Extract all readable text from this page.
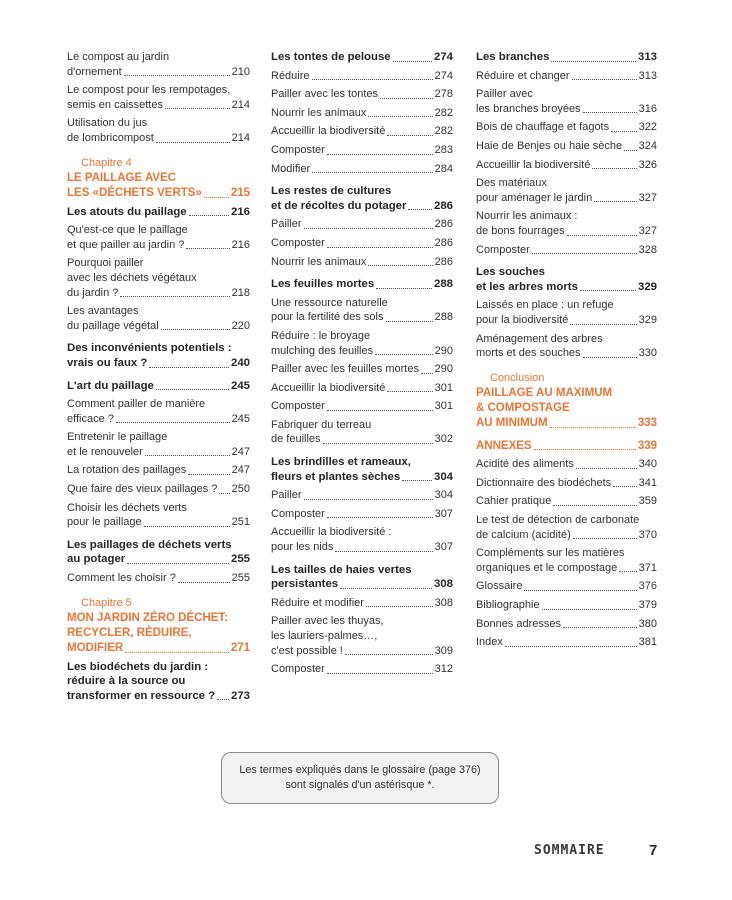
Le compost au jardin
d'ornement	210
Le compost pour les rempotages,
semis en caissettes	214
Utilisation du jus
de lombricompost	214
Chapitre 4
LE PAILLAGE AVEC
LES «DÉCHETS VERTS»	215
Les atouts du paillage	216
Qu'est-ce que le paillage
et que pailler au jardin ?	216
Pourquoi pailler
avec les déchets végétaux
du jardin ?	218
Les avantages
du paillage végétal	220
Des inconvénients potentiels :
vrais ou faux ?	240
L'art du paillage	245
Comment pailler de manière
efficace ?	245
Entretenir le paillage
et le renouveler	247
La rotation des paillages	247
Que faire des vieux paillages ? 250
Choisir les déchets verts
pour le paillage	251
Les paillages de déchets verts
au potager	255
Comment les choisir ?	255
Chapitre 5
MON JARDIN ZÉRO DÉCHET:
RECYCLER, RÉDUIRE,
MODIFIER	271
Les biodéchets du jardin :
réduire à la source ou
transformer en ressource ? 273
Les tontes de pelouse	274
Réduire	274
Pailler avec les tontes	278
Nourrir les animaux	282
Accueillir la biodiversité	282
Composter	283
Modifier	284
Les restes de cultures
et de récoltes du potager 286
Pailler	286
Composter	286
Nourrir les animaux	286
Les feuilles mortes	288
Une ressource naturelle
pour la fertilité des sols	288
Réduire : le broyage
mulching des feuilles	290
Pailler avec les feuilles mortes 290
Accueillir la biodiversité	301
Composter	301
Fabriquer du terreau
de feuilles	302
Les brindilles et rameaux,
fleurs et plantes sèches	304
Pailler	304
Composter	307
Accueillir la biodiversité :
pour les nids	307
Les tailles de haies vertes
persistantes	308
Réduire et modifier	308
Pailler avec les thuyas,
les lauriers-palmes…,
c'est possible !	309
Composter	312
Les branches	313
Réduire et changer	313
Pailler avec
les branches broyées	316
Bois de chauffage et fagots	322
Haie de Benjes ou haie sèche 324
Accueillir la biodiversité	326
Des matériaux
pour aménager le jardin	327
Nourrir les animaux :
de bons fourrages	327
Composter	328
Les souches
et les arbres morts	329
Laissés en place : un refuge
pour la biodiversité	329
Aménagement des arbres
morts et des souches	330
Conclusion
PAILLAGE AU MAXIMUM
& COMPOSTAGE
AU MINIMUM	333
ANNEXES	339
Acidité des aliments	340
Dictionnaire des biodéchets	341
Cahier pratique	359
Le test de détection de carbonate
de calcium (acidité)	370
Compléments sur les matières
organiques et le compostage 371
Glossaire	376
Bibliographie	379
Bonnes adresses	380
Index	381
Les termes expliqués dans le glossaire (page 376)
sont signalés d'un astérisque *.
SOMMAIRE	7
